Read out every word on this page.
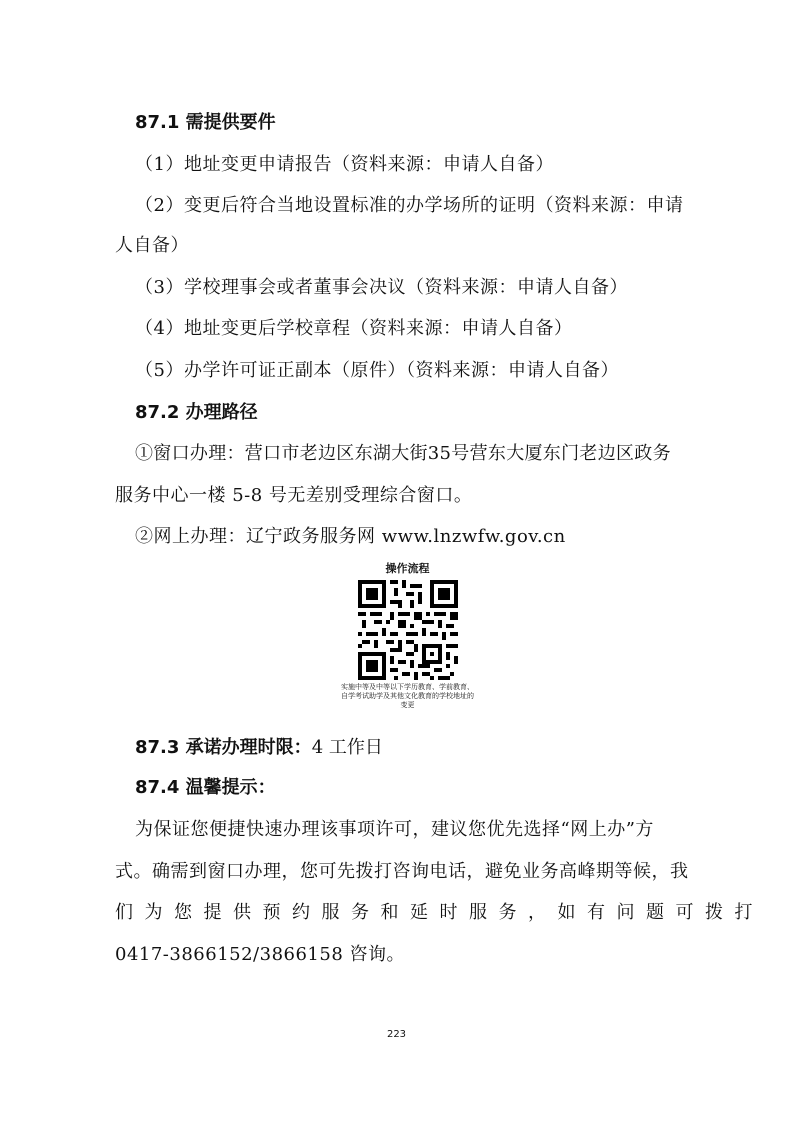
87.1 需提供要件
（1）地址变更申请报告（资料来源：申请人自备）
（2）变更后符合当地设置标准的办学场所的证明（资料来源：申请
人自备）
（3）学校理事会或者董事会决议（资料来源：申请人自备）
（4）地址变更后学校章程（资料来源：申请人自备）
（5）办学许可证正副本（原件）（资料来源：申请人自备）
87.2 办理路径
①窗口办理：营口市老边区东湖大街35号营东大厦东门老边区政务
服务中心一楼 5-8 号无差别受理综合窗口。
②网上办理：辽宁政务服务网 www.lnzwfw.gov.cn
操作流程
实施中等及中等以下学历教育、学前教育、自学考试助学及其他文化教育的学校地址的变更
87.3 承诺办理时限：4 工作日
87.4 温馨提示：
为保证您便捷快速办理该事项许可，建议您优先选择“网上办”方
式。确需到窗口办理，您可先拨打咨询电话，避免业务高峰期等候，我
们为您提供预约服务和延时服务，如有问题可拨打
0417-3866152/3866158 咨询。
223
